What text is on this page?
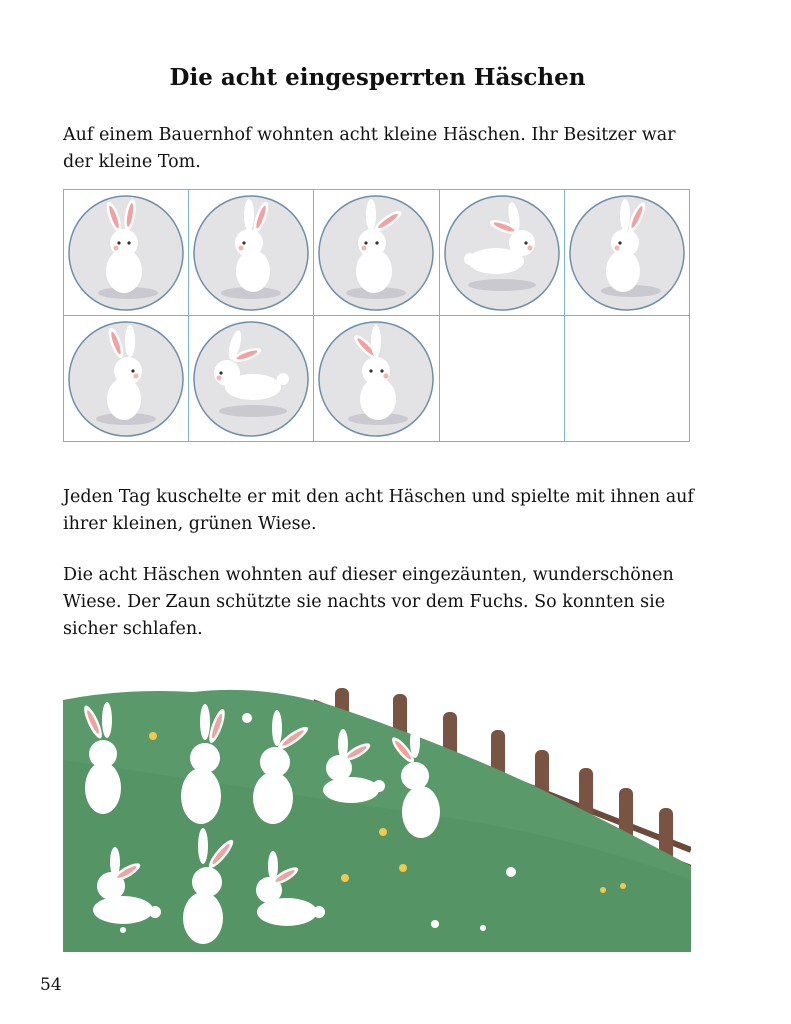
Die acht eingesperrten Häschen

Auf einem Bauernhof wohnten acht kleine Häschen. Ihr Besitzer war der kleine Tom.

Jeden Tag kuschelte er mit den acht Häschen und spielte mit ihnen auf ihrer kleinen, grünen Wiese.

Die acht Häschen wohnten auf dieser eingezäunten, wunderschönen Wiese. Der Zaun schützte sie nachts vor dem Fuchs. So konnten sie sicher schlafen.

54
